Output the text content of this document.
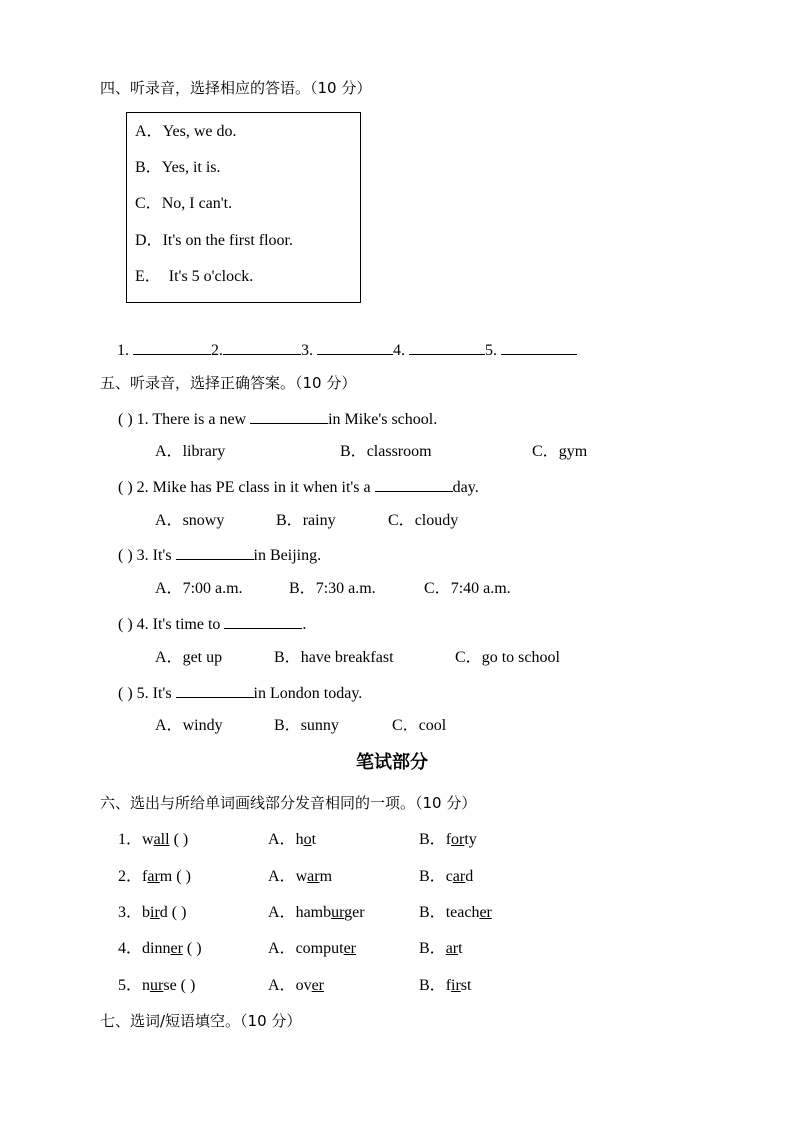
四、听录音，选择相应的答语。（10 分）
A．Yes, we do.
B．Yes, it is.
C．No, I can't.
D．It's on the first floor.
E． It's 5 o'clock.
1.	2.	3.	4.	5.
五、听录音，选择正确答案。（10 分）
( ) 1. There is a new	in Mike's school.
A．library	B．classroom	C．gym
( ) 2. Mike has PE class in it when it's a	day.
A．snowy	B．rainy	C．cloudy
( ) 3. It's	in Beijing.
A．7:00 a.m.	B．7:30 a.m.	C．7:40 a.m.
( ) 4. It's time to	.
A．get up	B．have breakfast	C．go to school
( ) 5. It's	in London today.
A．windy	B．sunny	C．cool
笔试部分
六、选出与所给单词画线部分发音相同的一项。（10 分）
1．wall ( )	A．hot	B．forty
2．farm ( )	A．warm	B．card
3．bird ( )	A．hamburger	B．teacher
4．dinner ( )	A．computer	B．art
5．nurse ( )	A．over	B．first
七、选词/短语填空。（10 分）
